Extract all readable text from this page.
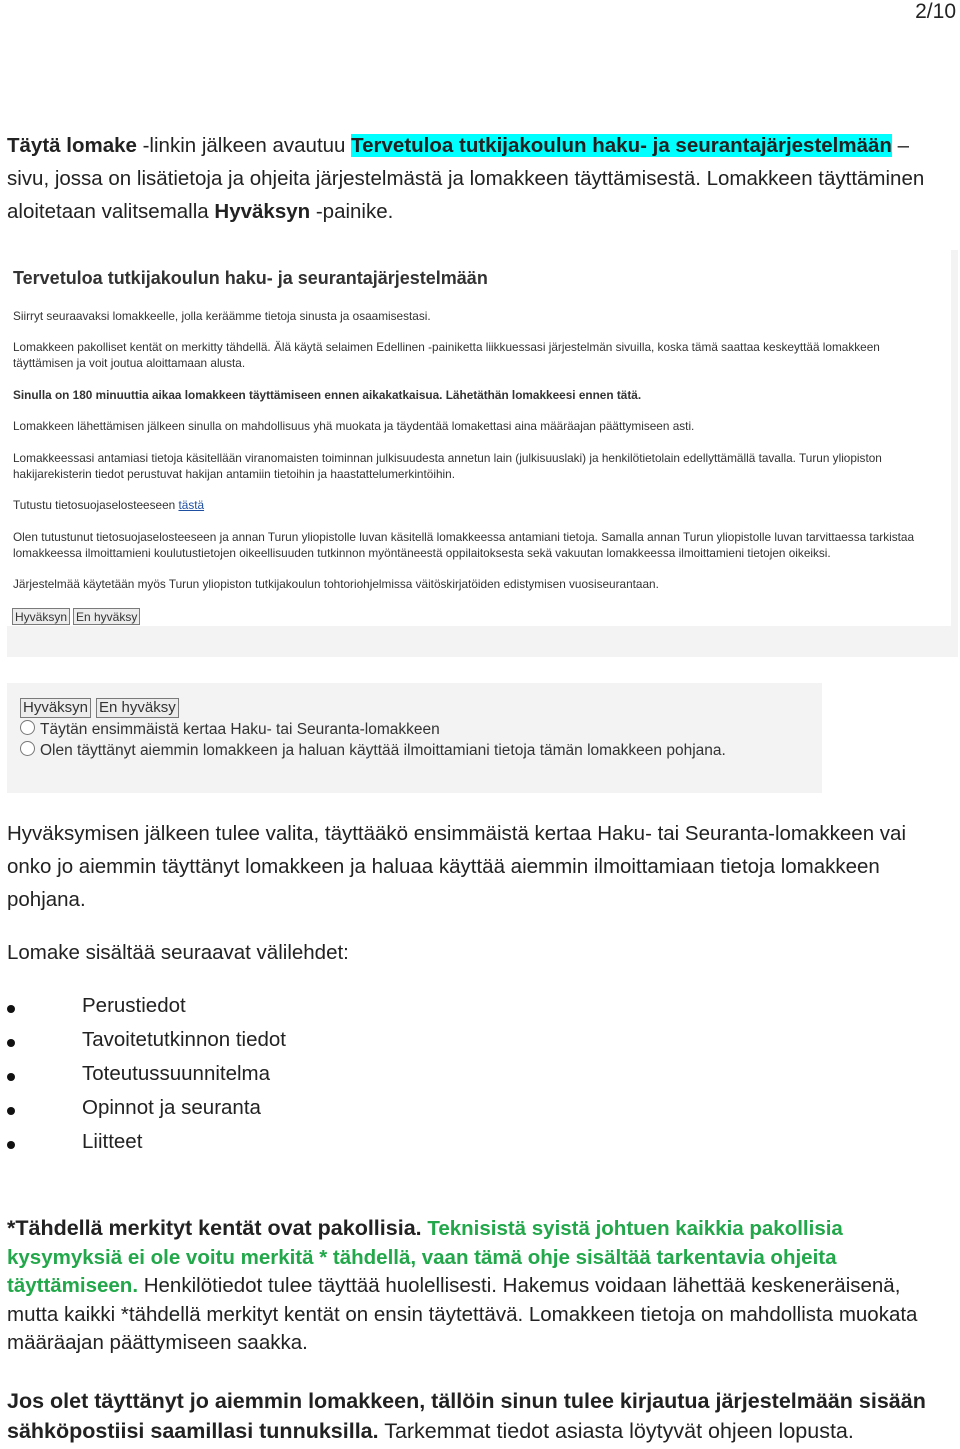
2/10
Täytä lomake -linkin jälkeen avautuu Tervetuloa tutkijakoulun haku- ja seurantajärjestelmään – sivu, jossa on lisätietoja ja ohjeita järjestelmästä ja lomakkeen täyttämisestä. Lomakkeen täyttäminen aloitetaan valitsemalla Hyväksyn -painike.
Tervetuloa tutkijakoulun haku- ja seurantajärjestelmään
Siirryt seuraavaksi lomakkeelle, jolla keräämme tietoja sinusta ja osaamisestasi.
Lomakkeen pakolliset kentät on merkitty tähdellä. Älä käytä selaimen Edellinen -painiketta liikkuessasi järjestelmän sivuilla, koska tämä saattaa keskeyttää lomakkeen täyttämisen ja voit joutua aloittamaan alusta.
Sinulla on 180 minuuttia aikaa lomakkeen täyttämiseen ennen aikakatkaisua. Lähetäthän lomakkeesi ennen tätä.
Lomakkeen lähettämisen jälkeen sinulla on mahdollisuus yhä muokata ja täydentää lomakettasi aina määräajan päättymiseen asti.
Lomakkeessasi antamiasi tietoja käsitellään viranomaisten toiminnan julkisuudesta annetun lain (julkisuuslaki) ja henkilötietolain edellyttämällä tavalla. Turun yliopiston hakijarekisterin tiedot perustuvat hakijan antamiin tietoihin ja haastattelumerkintöihin.
Tutustu tietosuojaselosteeseen tästä
Olen tutustunut tietosuojaselosteeseen ja annan Turun yliopistolle luvan käsitellä lomakkeessa antamiani tietoja. Samalla annan Turun yliopistolle luvan tarvittaessa tarkistaa lomakkeessa ilmoittamieni koulutustietojen oikeellisuuden tutkinnon myöntäneestä oppilaitoksesta sekä vakuutan lomakkeessa ilmoittamieni tietojen oikeiksi.
Järjestelmää käytetään myös Turun yliopiston tutkijakoulun tohtoriohjelmissa väitöskirjatöiden edistymisen vuosiseurantaan.
Hyväksyn En hyväksy
Hyväksyn En hyväksy
Täytän ensimmäistä kertaa Haku- tai Seuranta-lomakkeen
Olen täyttänyt aiemmin lomakkeen ja haluan käyttää ilmoittamiani tietoja tämän lomakkeen pohjana.
Hyväksymisen jälkeen tulee valita, täyttääkö ensimmäistä kertaa Haku- tai Seuranta-lomakkeen vai onko jo aiemmin täyttänyt lomakkeen ja haluaa käyttää aiemmin ilmoittamiaan tietoja lomakkeen pohjana.
Lomake sisältää seuraavat välilehdet:
Perustiedot
Tavoitetutkinnon tiedot
Toteutussuunnitelma
Opinnot ja seuranta
Liitteet
*Tähdellä merkityt kentät ovat pakollisia. Teknisistä syistä johtuen kaikkia pakollisia kysymyksiä ei ole voitu merkitä * tähdellä, vaan tämä ohje sisältää tarkentavia ohjeita täyttämiseen. Henkilötiedot tulee täyttää huolellisesti. Hakemus voidaan lähettää keskeneräisenä, mutta kaikki *tähdellä merkityt kentät on ensin täytettävä. Lomakkeen tietoja on mahdollista muokata määräajan päättymiseen saakka.
Jos olet täyttänyt jo aiemmin lomakkeen, tällöin sinun tulee kirjautua järjestelmään sisään sähköpostiisi saamillasi tunnuksilla. Tarkemmat tiedot asiasta löytyvät ohjeen lopusta.
